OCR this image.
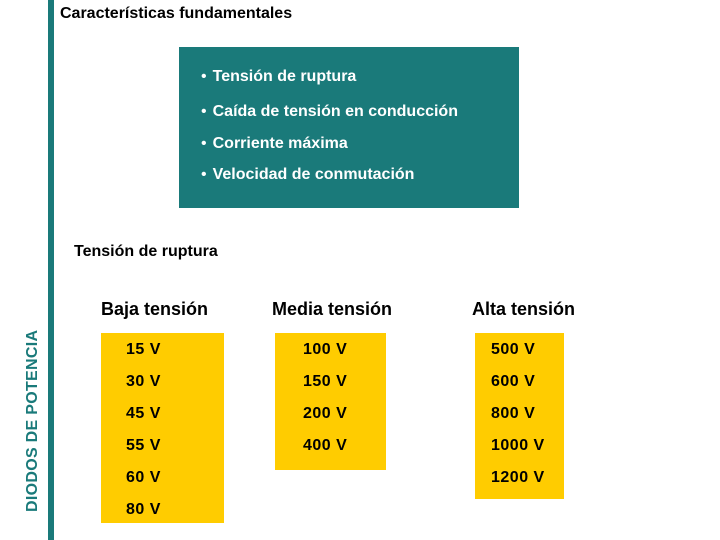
DIODOS DE POTENCIA
Características fundamentales
• Tensión de ruptura
• Caída de tensión en conducción
• Corriente máxima
• Velocidad de conmutación
Tensión de ruptura
Baja tensión	Media tensión	Alta tensión
15 V
30 V
45 V
55 V
60 V
80 V
100 V
150 V
200 V
400 V
500 V
600 V
800 V
1000 V
1200 V
